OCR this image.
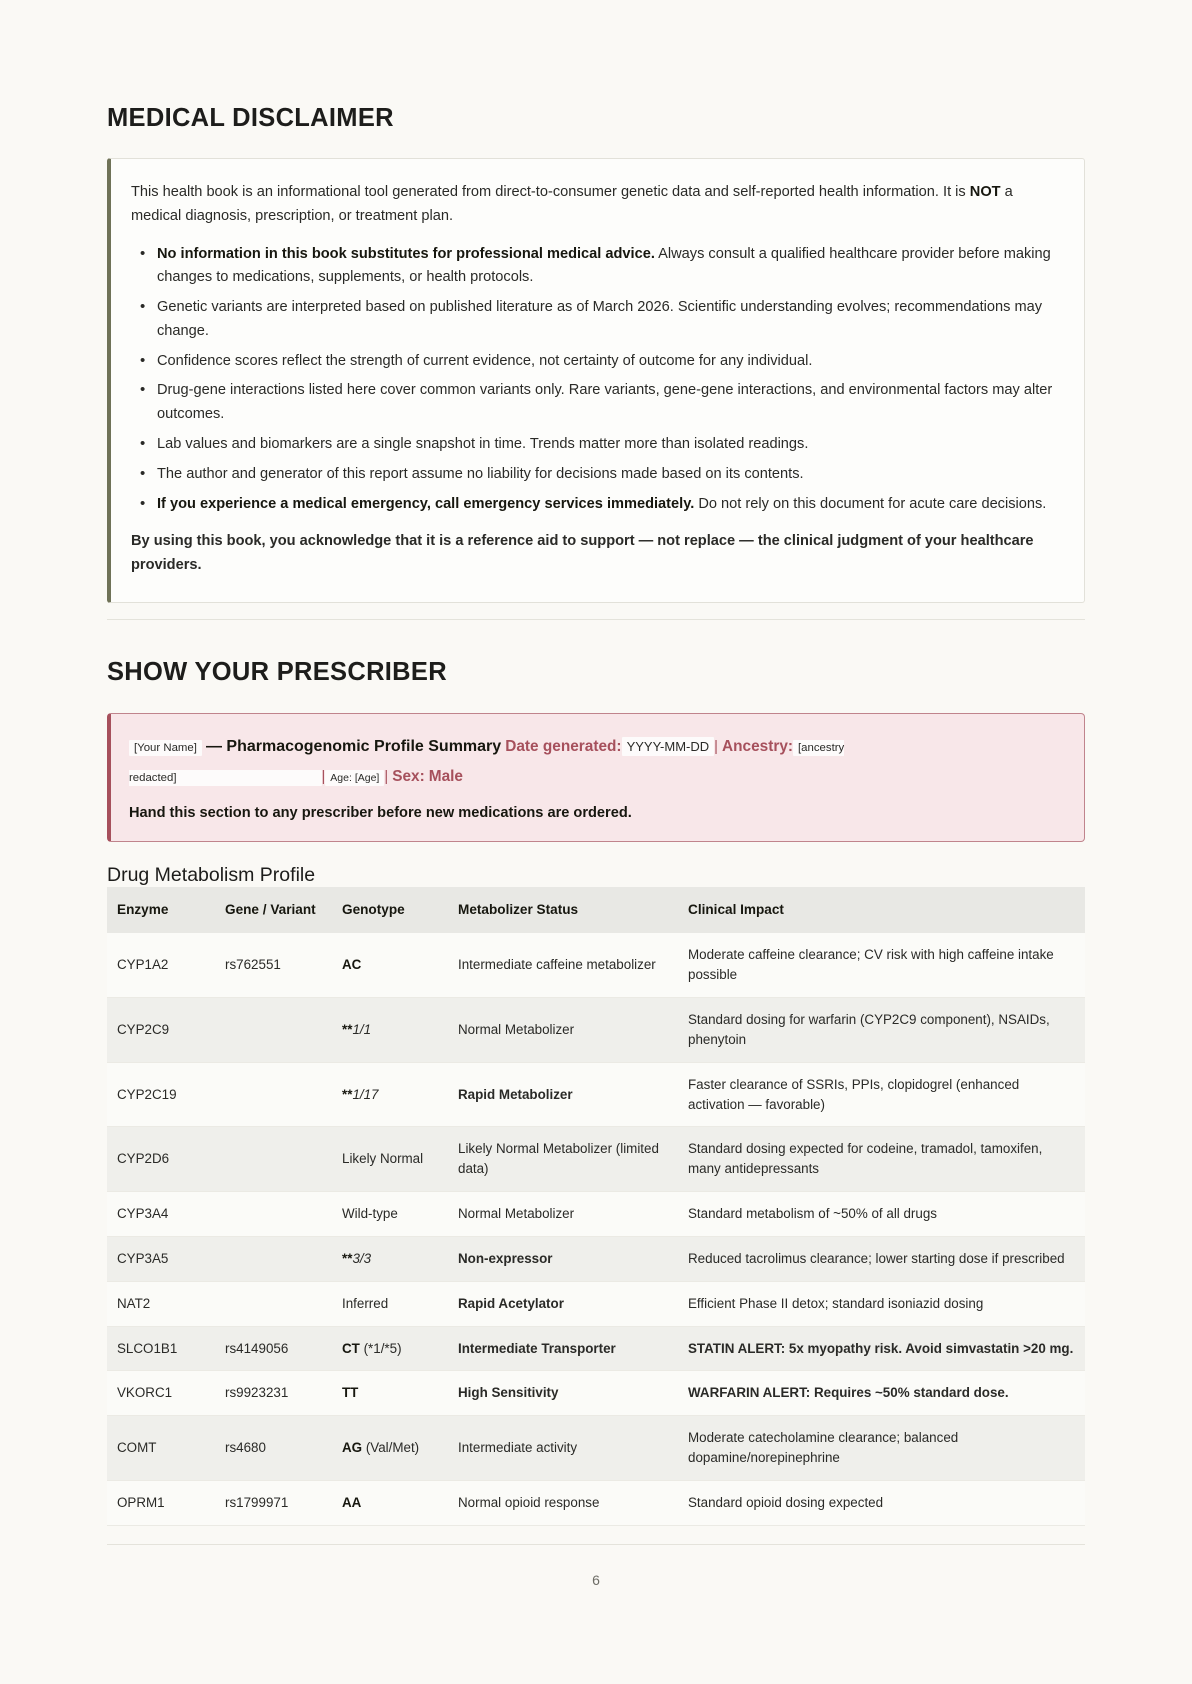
MEDICAL DISCLAIMER

This health book is an informational tool generated from direct-to-consumer genetic data and self-reported health information. It is NOT a medical diagnosis, prescription, or treatment plan.

• No information in this book substitutes for professional medical advice. Always consult a qualified healthcare provider before making changes to medications, supplements, or health protocols.
• Genetic variants are interpreted based on published literature as of March 2026. Scientific understanding evolves; recommendations may change.
• Confidence scores reflect the strength of current evidence, not certainty of outcome for any individual.
• Drug-gene interactions listed here cover common variants only. Rare variants, gene-gene interactions, and environmental factors may alter outcomes.
• Lab values and biomarkers are a single snapshot in time. Trends matter more than isolated readings.
• The author and generator of this report assume no liability for decisions made based on its contents.
• If you experience a medical emergency, call emergency services immediately. Do not rely on this document for acute care decisions.

By using this book, you acknowledge that it is a reference aid to support — not replace — the clinical judgment of your healthcare providers.

SHOW YOUR PRESCRIBER
[Your Name] — Pharmacogenomic Profile Summary Date generated: YYYY-MM-DD | Ancestry: [ancestry redacted]	| Age: [Age] | Sex: Male
Hand this section to any prescriber before new medications are ordered.
Drug Metabolism Profile
Enzyme	Gene / Variant	Genotype	Metabolizer Status	Clinical Impact
CYP1A2	rs762551	AC	Intermediate caffeine metabolizer	Moderate caffeine clearance; CV risk with high caffeine intake possible
CYP2C9		**1/1	Normal Metabolizer	Standard dosing for warfarin (CYP2C9 component), NSAIDs, phenytoin
CYP2C19		**1/17	Rapid Metabolizer	Faster clearance of SSRIs, PPIs, clopidogrel (enhanced activation — favorable)
CYP2D6		Likely Normal	Likely Normal Metabolizer (limited data)	Standard dosing expected for codeine, tramadol, tamoxifen, many antidepressants
CYP3A4		Wild-type	Normal Metabolizer	Standard metabolism of ~50% of all drugs
CYP3A5		**3/3	Non-expressor	Reduced tacrolimus clearance; lower starting dose if prescribed
NAT2		Inferred	Rapid Acetylator	Efficient Phase II detox; standard isoniazid dosing
SLCO1B1	rs4149056	CT (*1/*5)	Intermediate Transporter	STATIN ALERT: 5x myopathy risk. Avoid simvastatin >20 mg.
VKORC1	rs9923231	TT	High Sensitivity	WARFARIN ALERT: Requires ~50% standard dose.
COMT	rs4680	AG (Val/Met)	Intermediate activity	Moderate catecholamine clearance; balanced dopamine/norepinephrine
OPRM1	rs1799971	AA	Normal opioid response	Standard opioid dosing expected
6
